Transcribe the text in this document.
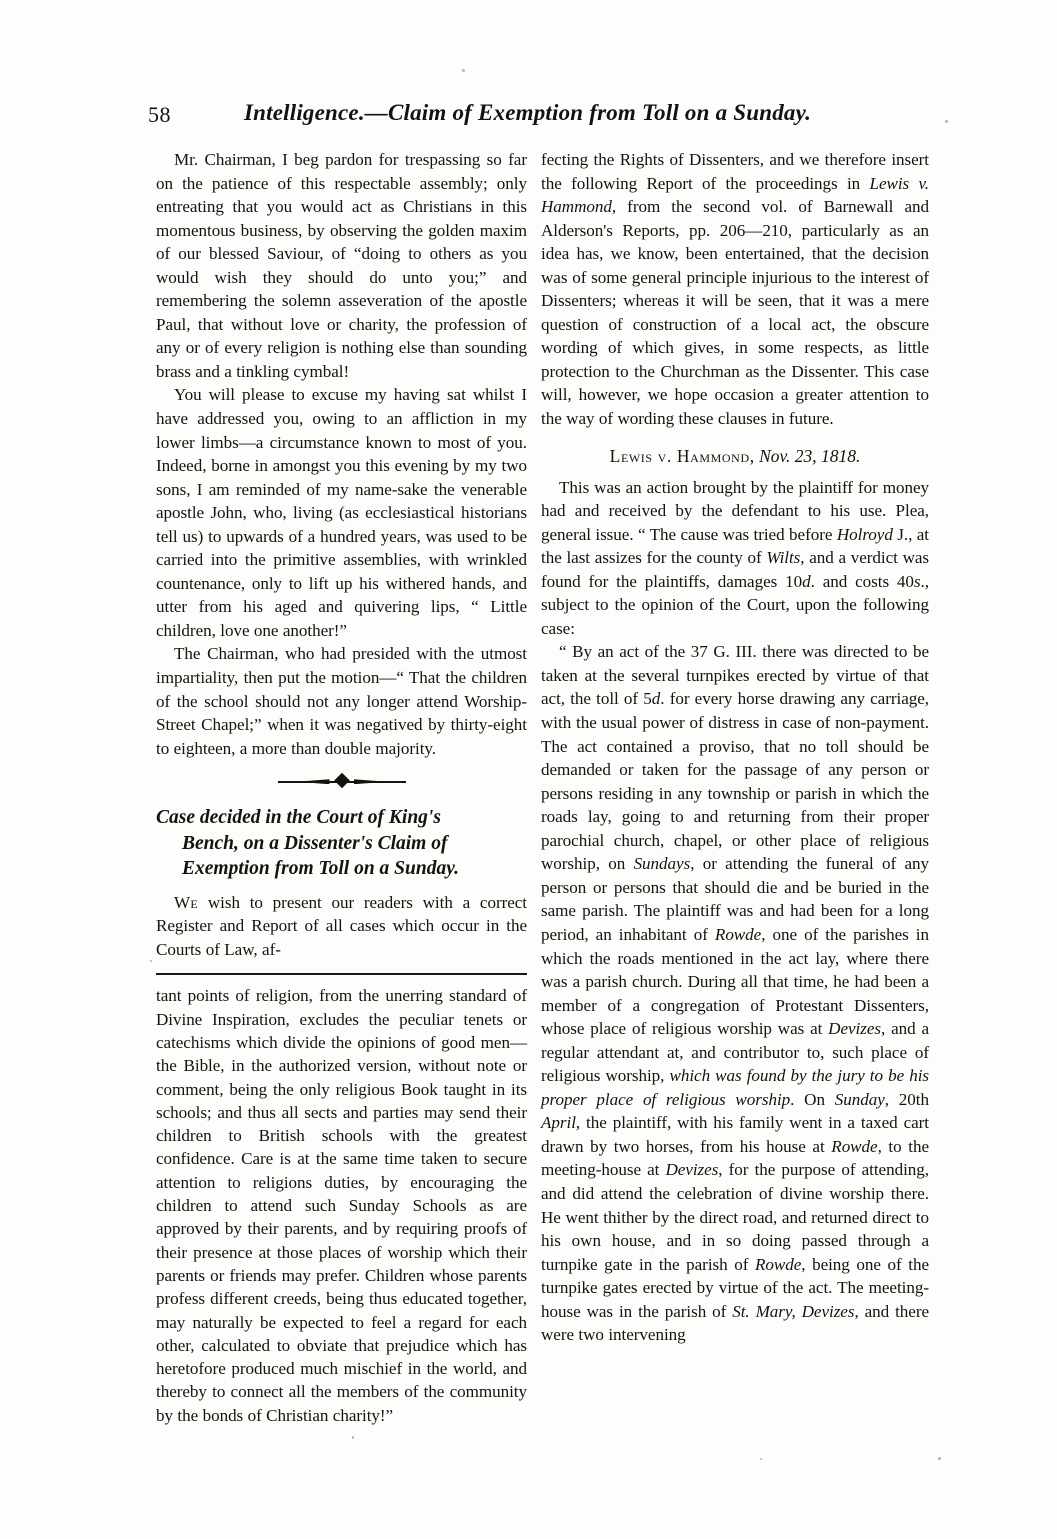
58	Intelligence.—Claim of Exemption from Toll on a Sunday.

Mr. Chairman, I beg pardon for trespassing so far on the patience of this respectable assembly; only entreating that you would act as Christians in this momentous business, by observing the golden maxim of our blessed Saviour, of “doing to others as you would wish they should do unto you;” and remembering the solemn asseveration of the apostle Paul, that without love or charity, the profession of any or of every religion is nothing else than sounding brass and a tinkling cymbal!

You will please to excuse my having sat whilst I have addressed you, owing to an affliction in my lower limbs—a circumstance known to most of you. Indeed, borne in amongst you this evening by my two sons, I am reminded of my name-sake the venerable apostle John, who, living (as ecclesiastical historians tell us) to upwards of a hundred years, was used to be carried into the primitive assemblies, with wrinkled countenance, only to lift up his withered hands, and utter from his aged and quivering lips, “ Little children, love one another!”

The Chairman, who had presided with the utmost impartiality, then put the motion—“ That the children of the school should not any longer attend Worship-Street Chapel;” when it was negatived by thirty-eight to eighteen, a more than double majority.

Case decided in the Court of King's
Bench, on a Dissenter's Claim of
Exemption from Toll on a Sunday.

We wish to present our readers with a correct Register and Report of all cases which occur in the Courts of Law, af-

tant points of religion, from the unerring standard of Divine Inspiration, excludes the peculiar tenets or catechisms which divide the opinions of good men—the Bible, in the authorized version, without note or comment, being the only religious Book taught in its schools; and thus all sects and parties may send their children to British schools with the greatest confidence. Care is at the same time taken to secure attention to religions duties, by encouraging the children to attend such Sunday Schools as are approved by their parents, and by requiring proofs of their presence at those places of worship which their parents or friends may prefer. Children whose parents profess different creeds, being thus educated together, may naturally be expected to feel a regard for each other, calculated to obviate that prejudice which has heretofore produced much mischief in the world, and thereby to connect all the members of the community by the bonds of Christian charity!”

fecting the Rights of Dissenters, and we therefore insert the following Report of the proceedings in Lewis v. Hammond, from the second vol. of Barnewall and Alderson's Reports, pp. 206—210, particularly as an idea has, we know, been entertained, that the decision was of some general principle injurious to the interest of Dissenters; whereas it will be seen, that it was a mere question of construction of a local act, the obscure wording of which gives, in some respects, as little protection to the Churchman as the Dissenter. This case will, however, we hope occasion a greater attention to the way of wording these clauses in future.

Lewis v. Hammond, Nov. 23, 1818.

This was an action brought by the plaintiff for money had and received by the defendant to his use. Plea, general issue. “ The cause was tried before Holroyd J., at the last assizes for the county of Wilts, and a verdict was found for the plaintiffs, damages 10d. and costs 40s., subject to the opinion of the Court, upon the following case:

“ By an act of the 37 G. III. there was directed to be taken at the several turnpikes erected by virtue of that act, the toll of 5d. for every horse drawing any carriage, with the usual power of distress in case of non-payment. The act contained a proviso, that no toll should be demanded or taken for the passage of any person or persons residing in any township or parish in which the roads lay, going to and returning from their proper parochial church, chapel, or other place of religious worship, on Sundays, or attending the funeral of any person or persons that should die and be buried in the same parish. The plaintiff was and had been for a long period, an inhabitant of Rowde, one of the parishes in which the roads mentioned in the act lay, where there was a parish church. During all that time, he had been a member of a congregation of Protestant Dissenters, whose place of religious worship was at Devizes, and a regular attendant at, and contributor to, such place of religious worship, which was found by the jury to be his proper place of religious worship. On Sunday, 20th April, the plaintiff, with his family went in a taxed cart drawn by two horses, from his house at Rowde, to the meeting-house at Devizes, for the purpose of attending, and did attend the celebration of divine worship there. He went thither by the direct road, and returned direct to his own house, and in so doing passed through a turnpike gate in the parish of Rowde, being one of the turnpike gates erected by virtue of the act. The meeting-house was in the parish of St. Mary, Devizes, and there were two intervening
